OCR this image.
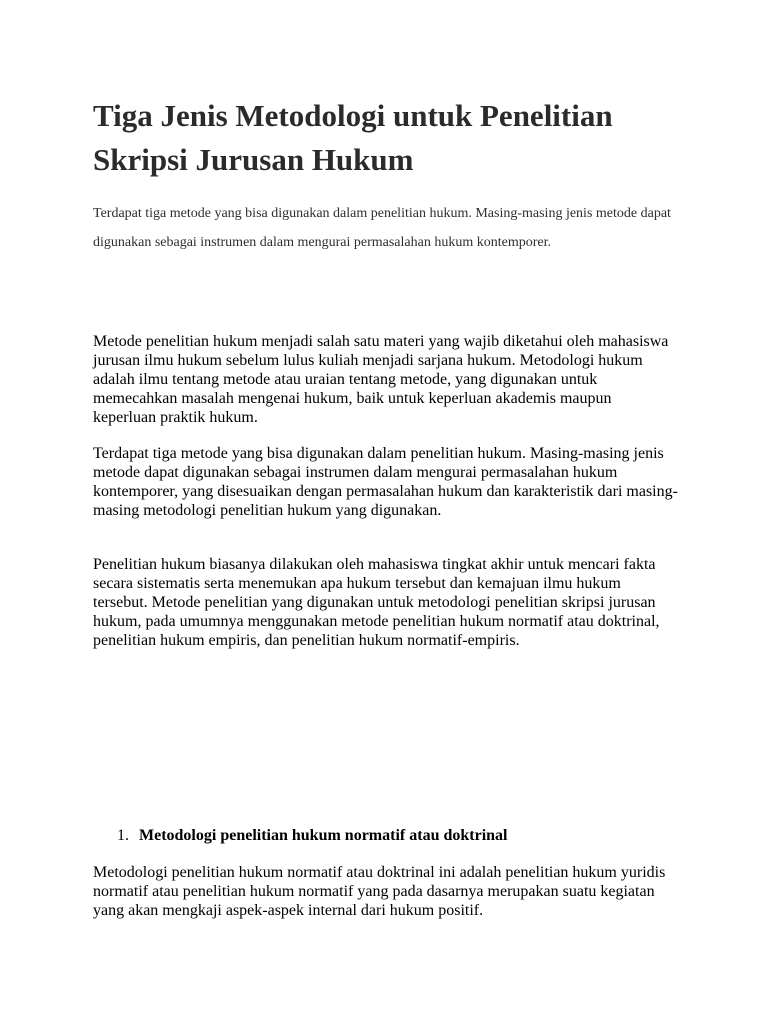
Tiga Jenis Metodologi untuk Penelitian Skripsi Jurusan Hukum

Terdapat tiga metode yang bisa digunakan dalam penelitian hukum. Masing-masing jenis metode dapat digunakan sebagai instrumen dalam mengurai permasalahan hukum kontemporer.

Metode penelitian hukum menjadi salah satu materi yang wajib diketahui oleh mahasiswa jurusan ilmu hukum sebelum lulus kuliah menjadi sarjana hukum. Metodologi hukum adalah ilmu tentang metode atau uraian tentang metode, yang digunakan untuk memecahkan masalah mengenai hukum, baik untuk keperluan akademis maupun keperluan praktik hukum.

Terdapat tiga metode yang bisa digunakan dalam penelitian hukum. Masing-masing jenis metode dapat digunakan sebagai instrumen dalam mengurai permasalahan hukum kontemporer, yang disesuaikan dengan permasalahan hukum dan karakteristik dari masing-masing metodologi penelitian hukum yang digunakan.

Penelitian hukum biasanya dilakukan oleh mahasiswa tingkat akhir untuk mencari fakta secara sistematis serta menemukan apa hukum tersebut dan kemajuan ilmu hukum tersebut. Metode penelitian yang digunakan untuk metodologi penelitian skripsi jurusan hukum, pada umumnya menggunakan metode penelitian hukum normatif atau doktrinal, penelitian hukum empiris, dan penelitian hukum normatif-empiris.

1. Metodologi penelitian hukum normatif atau doktrinal

Metodologi penelitian hukum normatif atau doktrinal ini adalah penelitian hukum yuridis normatif atau penelitian hukum normatif yang pada dasarnya merupakan suatu kegiatan yang akan mengkaji aspek-aspek internal dari hukum positif.
